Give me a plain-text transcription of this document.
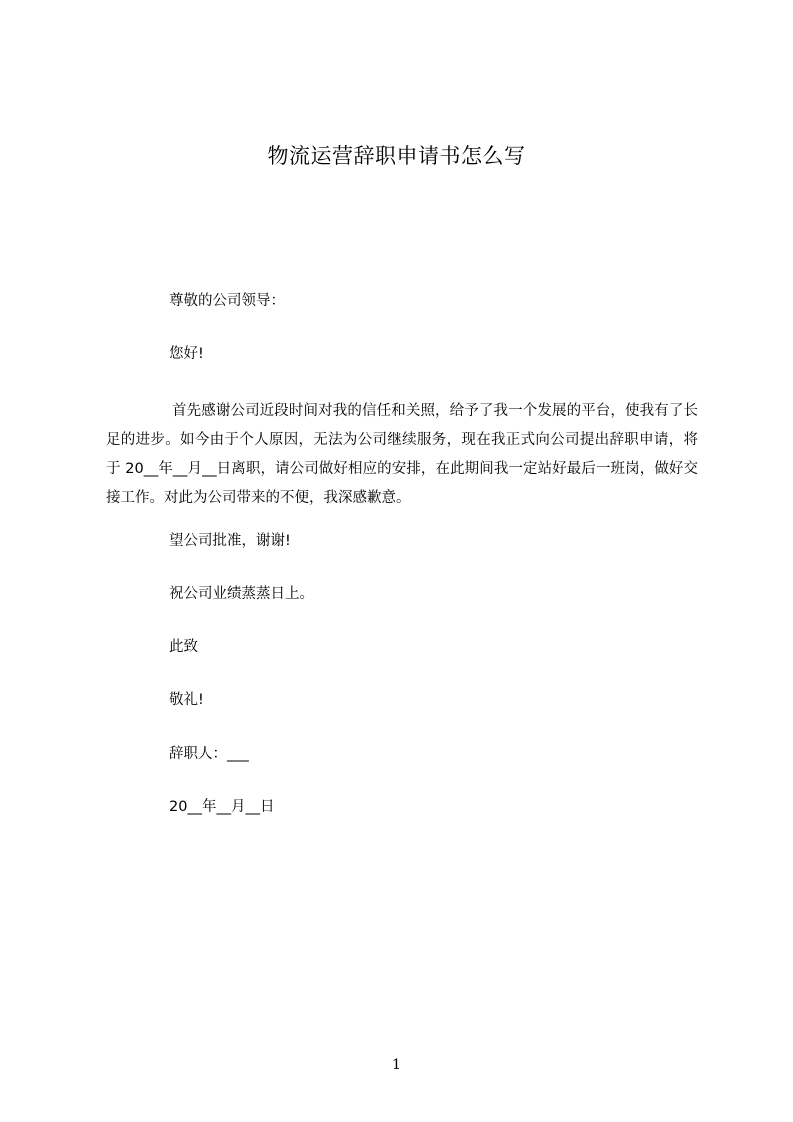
物流运营辞职申请书怎么写
尊敬的公司领导：
您好!
首先感谢公司近段时间对我的信任和关照，给予了我一个发展的平台，使我有了长足的进步。如今由于个人原因，无法为公司继续服务，现在我正式向公司提出辞职申请，将于 20__年__月__日离职，请公司做好相应的安排，在此期间我一定站好最后一班岗，做好交接工作。对此为公司带来的不便，我深感歉意。
望公司批准，谢谢!
祝公司业绩蒸蒸日上。
此致
敬礼!
辞职人：___
20__年__月__日
1
